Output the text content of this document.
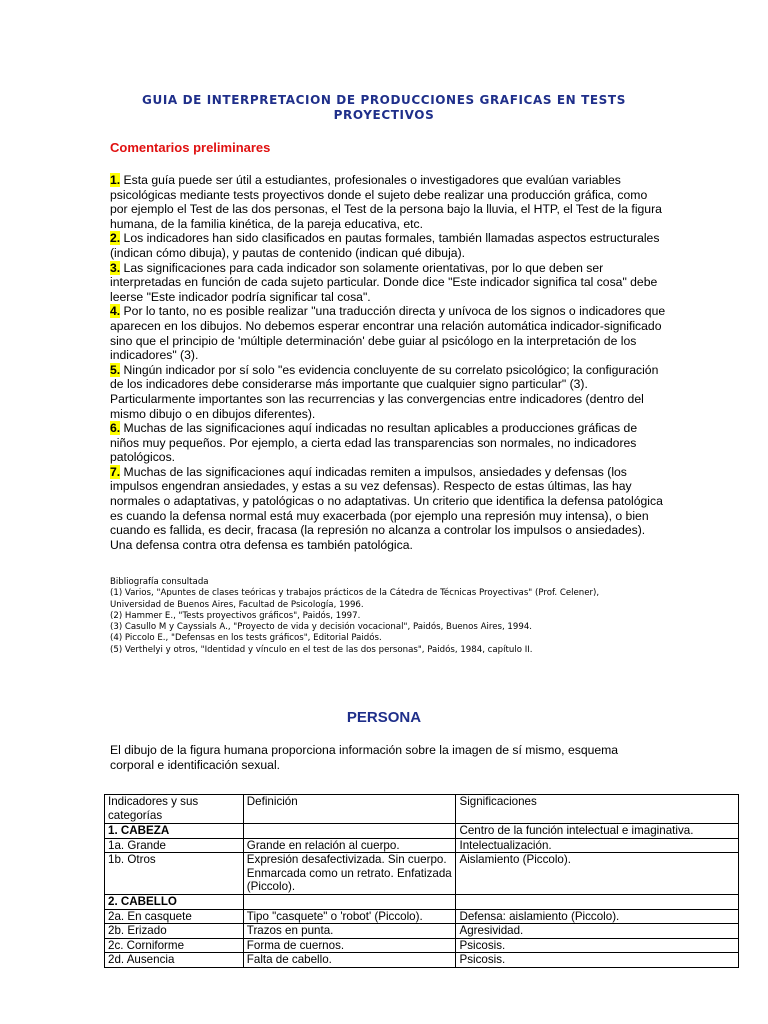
GUIA DE INTERPRETACION DE PRODUCCIONES GRAFICAS EN TESTS
PROYECTIVOS
Comentarios preliminares

1. Esta guía puede ser útil a estudiantes, profesionales o investigadores que evalúan variables psicológicas mediante tests proyectivos donde el sujeto debe realizar una producción gráfica, como por ejemplo el Test de las dos personas, el Test de la persona bajo la lluvia, el HTP, el Test de la figura humana, de la familia kinética, de la pareja educativa, etc.

2. Los indicadores han sido clasificados en pautas formales, también llamadas aspectos estructurales (indican cómo dibuja), y pautas de contenido (indican qué dibuja).

3. Las significaciones para cada indicador son solamente orientativas, por lo que deben ser interpretadas en función de cada sujeto particular. Donde dice "Este indicador significa tal cosa" debe leerse "Este indicador podría significar tal cosa".

4. Por lo tanto, no es posible realizar "una traducción directa y unívoca de los signos o indicadores que aparecen en los dibujos. No debemos esperar encontrar una relación automática indicador-significado sino que el principio de 'múltiple determinación' debe guiar al psicólogo en la interpretación de los indicadores" (3).

5. Ningún indicador por sí solo "es evidencia concluyente de su correlato psicológico; la configuración de los indicadores debe considerarse más importante que cualquier signo particular" (3). Particularmente importantes son las recurrencias y las convergencias entre indicadores (dentro del mismo dibujo o en dibujos diferentes).

6. Muchas de las significaciones aquí indicadas no resultan aplicables a producciones gráficas de niños muy pequeños. Por ejemplo, a cierta edad las transparencias son normales, no indicadores patológicos.

7. Muchas de las significaciones aquí indicadas remiten a impulsos, ansiedades y defensas (los impulsos engendran ansiedades, y estas a su vez defensas). Respecto de estas últimas, las hay normales o adaptativas, y patológicas o no adaptativas. Un criterio que identifica la defensa patológica es cuando la defensa normal está muy exacerbada (por ejemplo una represión muy intensa), o bien cuando es fallida, es decir, fracasa (la represión no alcanza a controlar los impulsos o ansiedades). Una defensa contra otra defensa es también patológica.

Bibliografía consultada
(1) Varios, "Apuntes de clases teóricas y trabajos prácticos de la Cátedra de Técnicas Proyectivas" (Prof. Celener),
Universidad de Buenos Aires, Facultad de Psicología, 1996.
(2) Hammer E., "Tests proyectivos gráficos", Paidós, 1997.
(3) Casullo M y Cayssials A., "Proyecto de vida y decisión vocacional", Paidós, Buenos Aires, 1994.
(4) Piccolo E., "Defensas en los tests gráficos", Editorial Paidós.
(5) Verthelyi y otros, "Identidad y vínculo en el test de las dos personas", Paidós, 1984, capítulo II.
PERSONA
El dibujo de la figura humana proporciona información sobre la imagen de sí mismo, esquema corporal e identificación sexual.
Indicadores y sus categorías	Definición	Significaciones
1. CABEZA		Centro de la función intelectual e imaginativa.
1a. Grande	Grande en relación al cuerpo.	Intelectualización.
1b. Otros	Expresión desafectivizada. Sin cuerpo. Enmarcada como un retrato. Enfatizada (Piccolo).	Aislamiento (Piccolo).
2. CABELLO		
2a. En casquete	Tipo "casquete" o 'robot' (Piccolo).	Defensa: aislamiento (Piccolo).
2b. Erizado	Trazos en punta.	Agresividad.
2c. Corniforme	Forma de cuernos.	Psicosis.
2d. Ausencia	Falta de cabello.	Psicosis.
